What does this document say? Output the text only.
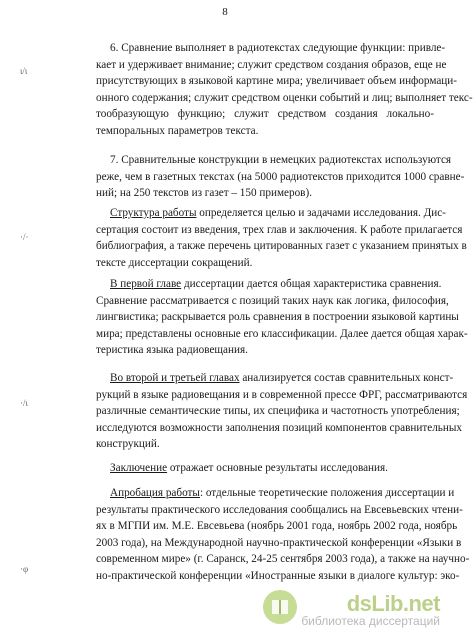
8
ι/ι
·/·
·/ι
·φ
6. Сравнение выполняет в радиотекстах следующие функции: привле-
кает и удерживает внимание; служит средством создания образов, еще не
присутствующих в языковой картине мира; увеличивает объем информаци-
онного содержания; служит средством оценки событий и лиц; выполняет текс-
тообразующую функцию; служит средством создания локально-
темпоральных параметров текста.
7. Сравнительные конструкции в немецких радиотекстах используются
реже, чем в газетных текстах (на 5000 радиотекстов приходится 1000 сравне-
ний; на 250 текстов из газет – 150 примеров).
Структура работы определяется целью и задачами исследования. Дис-
сертация состоит из введения, трех глав и заключения. К работе прилагается
библиография, а также перечень цитированных газет с указанием принятых в
тексте диссертации сокращений.
В первой главе диссертации дается общая характеристика сравнения.
Сравнение рассматривается с позиций таких наук как логика, философия,
лингвистика; раскрывается роль сравнения в построении языковой картины
мира; представлены основные его классификации. Далее дается общая харак-
теристика языка радиовещания.
Во второй и третьей главах анализируется состав сравнительных конст-
рукций в языке радиовещания и в современной прессе ФРГ, рассматриваются
различные семантические типы, их специфика и частотность употребления;
исследуются возможности заполнения позиций компонентов сравнительных
конструкций.
Заключение отражает основные результаты исследования.
Апробация работы: отдельные теоретические положения диссертации и
результаты практического исследования сообщались на Евсевьевских чтени-
ях в МГПИ им. М.Е. Евсевьева (ноябрь 2001 года, ноябрь 2002 года, ноябрь
2003 года), на Международной научно-практической конференции «Языки в
современном мире» (г. Саранск, 24-25 сентября 2003 года), а также на научно-
но-практической конференции «Иностранные языки в диалоге культур: эко-
dsLib.net
библиотека диссертаций
